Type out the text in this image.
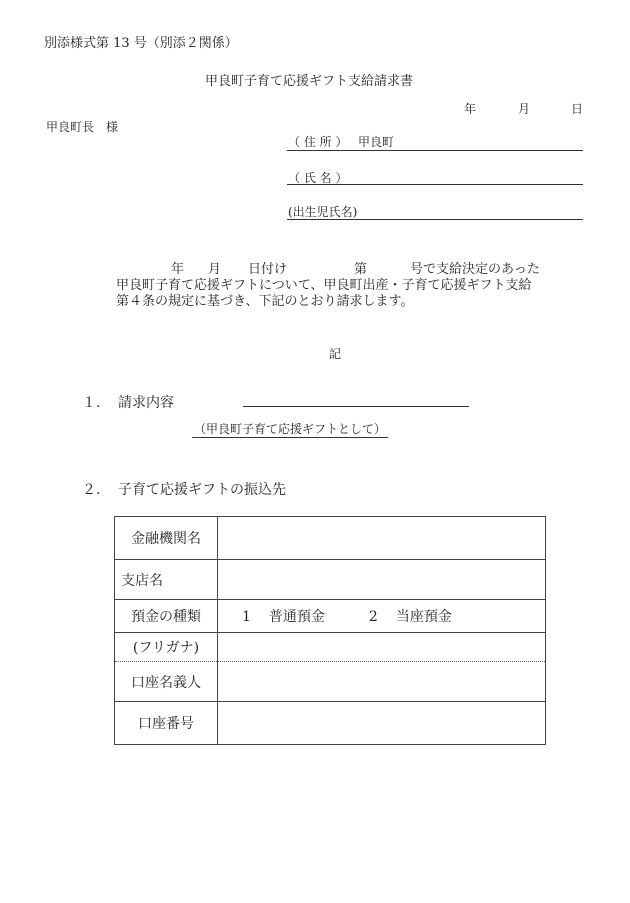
別添様式第 13 号（別添２関係）
甲良町子育て応援ギフト支給請求書
年	月	日
甲良町長　様
（ 住 所 ） 甲良町
（ 氏 名 ）
(出生児氏名)
年 月 日付け	第	号で支給決定のあった
甲良町子育て応援ギフトについて、甲良町出産・子育て応援ギフト支給
第４条の規定に基づき、下記のとおり請求します。
記
１. 請求内容
（甲良町子育て応援ギフトとして）
２. 子育て応援ギフトの振込先
金融機関名	
支店名	
預金の種類	1 普通預金 2 当座預金
(フリガナ)	
口座名義人	
口座番号	
